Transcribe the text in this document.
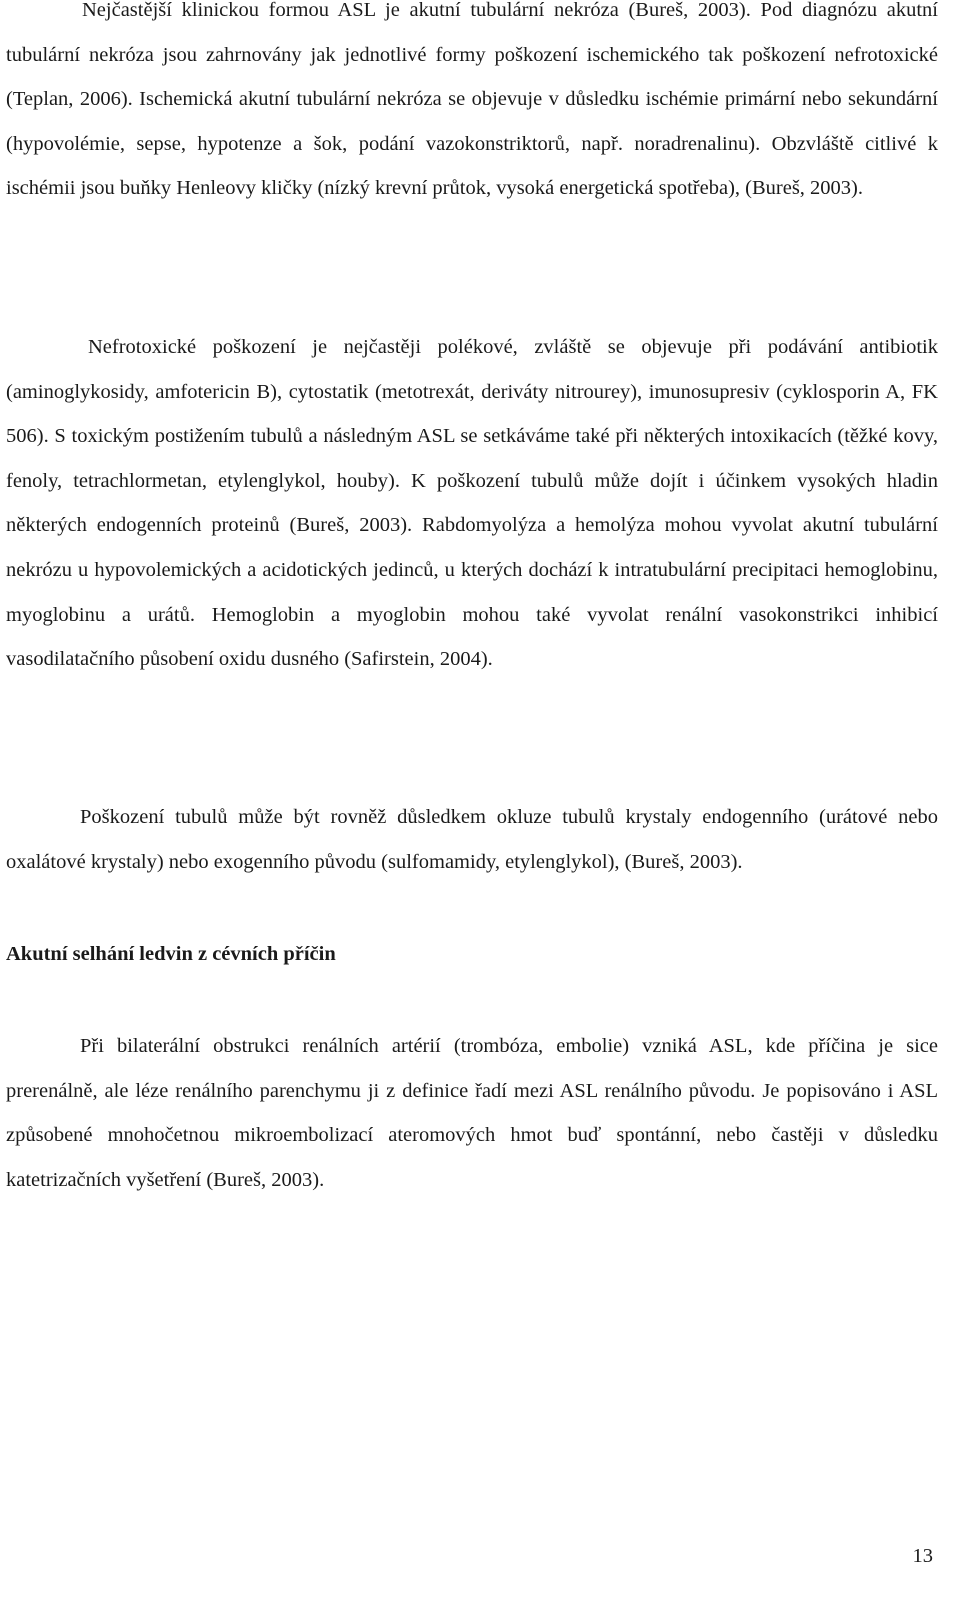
Nejčastější klinickou formou ASL je akutní tubulární nekróza (Bureš, 2003). Pod diagnózu akutní tubulární nekróza jsou zahrnovány jak jednotlivé formy poškození ischemického tak poškození nefrotoxické (Teplan, 2006). Ischemická akutní tubulární nekróza se objevuje v důsledku ischémie primární nebo sekundární (hypovolémie, sepse, hypotenze a šok, podání vazokonstriktorů, např. noradrenalinu). Obzvláště citlivé k ischémii jsou buňky Henleovy kličky (nízký krevní průtok, vysoká energetická spotřeba), (Bureš, 2003).

Nefrotoxické poškození je nejčastěji polékové, zvláště se objevuje při podávání antibiotik (aminoglykosidy, amfotericin B), cytostatik (metotrexát, deriváty nitrourey), imunosupresiv (cyklosporin A, FK 506). S toxickým postižením tubulů a následným ASL se setkáváme také při některých intoxikacích (těžké kovy, fenoly, tetrachlormetan, etylenglykol, houby). K poškození tubulů může dojít i účinkem vysokých hladin některých endogenních proteinů (Bureš, 2003). Rabdomyolýza a hemolýza mohou vyvolat akutní tubulární nekrózu u hypovolemických a acidotických jedinců, u kterých dochází k intratubulární precipitaci hemoglobinu, myoglobinu a urátů. Hemoglobin a myoglobin mohou také vyvolat renální vasokonstrikci inhibicí vasodilatačního působení oxidu dusného (Safirstein, 2004).

Poškození tubulů může být rovněž důsledkem okluze tubulů krystaly endogenního (urátové nebo oxalátové krystaly) nebo exogenního původu (sulfomamidy, etylenglykol), (Bureš, 2003).

Akutní selhání ledvin z cévních příčin

Při bilaterální obstrukci renálních artérií (trombóza, embolie) vzniká ASL, kde příčina je sice prerenálně, ale léze renálního parenchymu ji z definice řadí mezi ASL renálního původu. Je popisováno i ASL způsobené mnohočetnou mikroembolizací ateromových hmot buď spontánní, nebo častěji v důsledku katetrizačních vyšetření (Bureš, 2003).

13
